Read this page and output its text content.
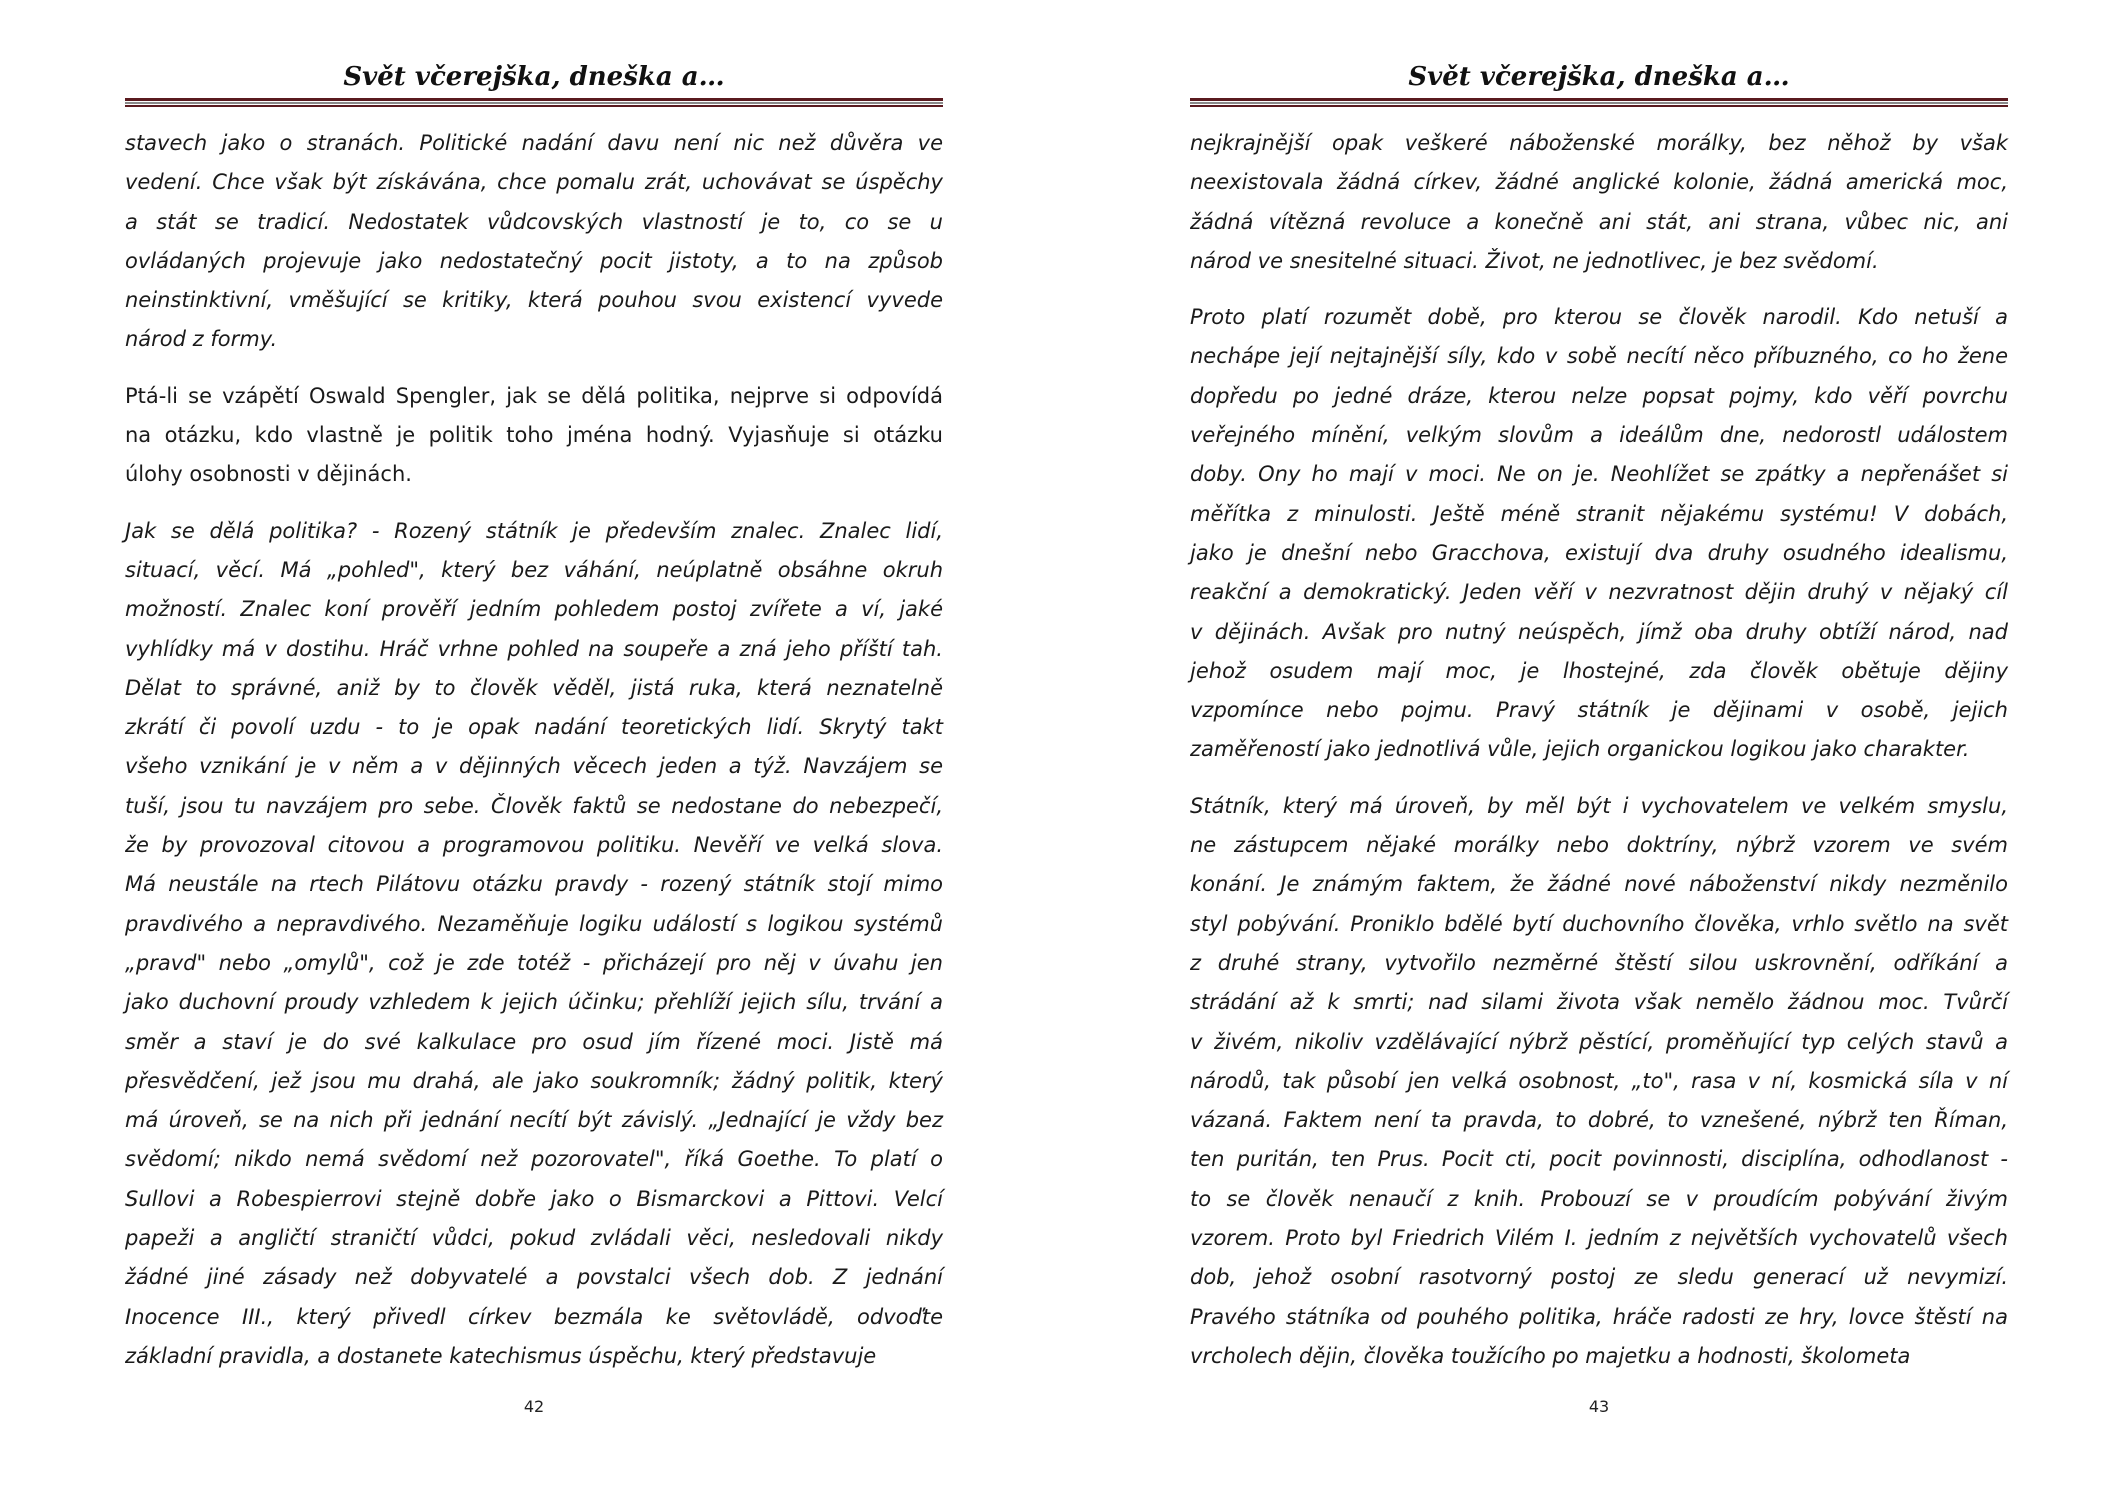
Svět včerejška, dneška a…
stavech jako o stranách. Politické nadání davu není nic než důvěra ve
vedení. Chce však být získávána, chce pomalu zrát, uchovávat se úspěchy
a stát se tradicí. Nedostatek vůdcovských vlastností je to, co se u
ovládaných projevuje jako nedostatečný pocit jistoty, a to na způsob
neinstinktivní, vměšující se kritiky, která pouhou svou existencí vyvede
národ z formy.
Ptá-li se vzápětí Oswald Spengler, jak se dělá politika, nejprve si odpovídá
na otázku, kdo vlastně je politik toho jména hodný. Vyjasňuje si otázku
úlohy osobnosti v dějinách.
Jak se dělá politika? - Rozený státník je především znalec. Znalec lidí,
situací, věcí. Má „pohled", který bez váhání, neúplatně obsáhne okruh
možností. Znalec koní prověří jedním pohledem postoj zvířete a ví, jaké
vyhlídky má v dostihu. Hráč vrhne pohled na soupeře a zná jeho příští tah.
Dělat to správné, aniž by to člověk věděl, jistá ruka, která neznatelně
zkrátí či povolí uzdu - to je opak nadání teoretických lidí. Skrytý takt
všeho vznikání je v něm a v dějinných věcech jeden a týž. Navzájem se
tuší, jsou tu navzájem pro sebe. Člověk faktů se nedostane do nebezpečí,
že by provozoval citovou a programovou politiku. Nevěří ve velká slova.
Má neustále na rtech Pilátovu otázku pravdy - rozený státník stojí mimo
pravdivého a nepravdivého. Nezaměňuje logiku událostí s logikou systémů
„pravd" nebo „omylů", což je zde totéž - přicházejí pro něj v úvahu jen
jako duchovní proudy vzhledem k jejich účinku; přehlíží jejich sílu, trvání a
směr a staví je do své kalkulace pro osud jím řízené moci. Jistě má
přesvědčení, jež jsou mu drahá, ale jako soukromník; žádný politik, který
má úroveň, se na nich při jednání necítí být závislý. „Jednající je vždy bez
svědomí; nikdo nemá svědomí než pozorovatel", říká Goethe. To platí o
Sullovi a Robespierrovi stejně dobře jako o Bismarckovi a Pittovi. Velcí
papeži a angličtí straničtí vůdci, pokud zvládali věci, nesledovali nikdy
žádné jiné zásady než dobyvatelé a povstalci všech dob. Z jednání
Inocence III., který přivedl církev bezmála ke světovládě, odvoďte
základní pravidla, a dostanete katechismus úspěchu, který představuje
42
Svět včerejška, dneška a…
nejkrajnější opak veškeré náboženské morálky, bez něhož by však
neexistovala žádná církev, žádné anglické kolonie, žádná americká moc,
žádná vítězná revoluce a konečně ani stát, ani strana, vůbec nic, ani
národ ve snesitelné situaci. Život, ne jednotlivec, je bez svědomí.
Proto platí rozumět době, pro kterou se člověk narodil. Kdo netuší a
nechápe její nejtajnější síly, kdo v sobě necítí něco příbuzného, co ho žene
dopředu po jedné dráze, kterou nelze popsat pojmy, kdo věří povrchu
veřejného mínění, velkým slovům a ideálům dne, nedorostl událostem
doby. Ony ho mají v moci. Ne on je. Neohlížet se zpátky a nepřenášet si
měřítka z minulosti. Ještě méně stranit nějakému systému! V dobách,
jako je dnešní nebo Gracchova, existují dva druhy osudného idealismu,
reakční a demokratický. Jeden věří v nezvratnost dějin druhý v nějaký cíl
v dějinách. Avšak pro nutný neúspěch, jímž oba druhy obtíží národ, nad
jehož osudem mají moc, je lhostejné, zda člověk obětuje dějiny
vzpomínce nebo pojmu. Pravý státník je dějinami v osobě, jejich
zaměřeností jako jednotlivá vůle, jejich organickou logikou jako charakter.
Státník, který má úroveň, by měl být i vychovatelem ve velkém smyslu,
ne zástupcem nějaké morálky nebo doktríny, nýbrž vzorem ve svém
konání. Je známým faktem, že žádné nové náboženství nikdy nezměnilo
styl pobývání. Proniklo bdělé bytí duchovního člověka, vrhlo světlo na svět
z druhé strany, vytvořilo nezměrné štěstí silou uskrovnění, odříkání a
strádání až k smrti; nad silami života však nemělo žádnou moc. Tvůrčí
v živém, nikoliv vzdělávající nýbrž pěstící, proměňující typ celých stavů a
národů, tak působí jen velká osobnost, „to", rasa v ní, kosmická síla v ní
vázaná. Faktem není ta pravda, to dobré, to vznešené, nýbrž ten Říman,
ten puritán, ten Prus. Pocit cti, pocit povinnosti, disciplína, odhodlanost -
to se člověk nenaučí z knih. Probouzí se v proudícím pobývání živým
vzorem. Proto byl Friedrich Vilém I. jedním z největších vychovatelů všech
dob, jehož osobní rasotvorný postoj ze sledu generací už nevymizí.
Pravého státníka od pouhého politika, hráče radosti ze hry, lovce štěstí na
vrcholech dějin, člověka toužícího po majetku a hodnosti, školometa
43
